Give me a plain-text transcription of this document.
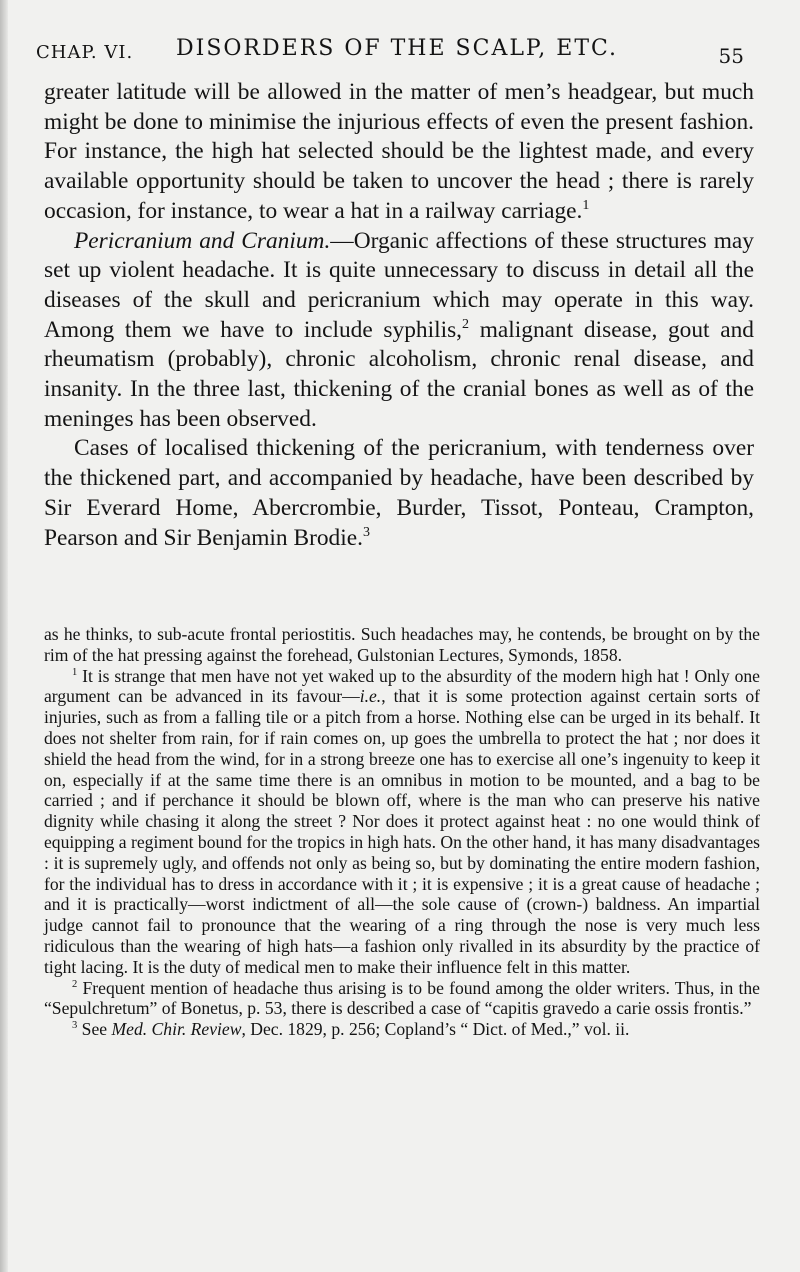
CHAP. VI. DISORDERS OF THE SCALP, ETC.	55

greater latitude will be allowed in the matter of men’s headgear, but much might be done to minimise the injurious effects of even the present fashion. For instance, the high hat selected should be the lightest made, and every available opportunity should be taken to uncover the head ; there is rarely occasion, for instance, to wear a hat in a railway carriage.$^1$

Pericranium and Cranium.—Organic affections of these structures may set up violent headache. It is quite unnecessary to discuss in detail all the diseases of the skull and pericranium which may operate in this way. Among them we have to include syphilis,$^2$ malignant disease, gout and rheumatism (probably), chronic alcoholism, chronic renal disease, and insanity. In the three last, thickening of the cranial bones as well as of the meninges has been observed.

Cases of localised thickening of the pericranium, with tenderness over the thickened part, and accompanied by headache, have been described by Sir Everard Home, Abercrombie, Burder, Tissot, Ponteau, Crampton, Pearson and Sir Benjamin Brodie.$^3$

as he thinks, to sub-acute frontal periostitis. Such headaches may, he contends, be brought on by the rim of the hat pressing against the forehead, Gulstonian Lectures, Symonds, 1858.

$^1$ It is strange that men have not yet waked up to the absurdity of the modern high hat ! Only one argument can be advanced in its favour—i.e., that it is some protection against certain sorts of injuries, such as from a falling tile or a pitch from a horse. Nothing else can be urged in its behalf. It does not shelter from rain, for if rain comes on, up goes the umbrella to protect the hat ; nor does it shield the head from the wind, for in a strong breeze one has to exercise all one’s ingenuity to keep it on, especially if at the same time there is an omnibus in motion to be mounted, and a bag to be carried ; and if perchance it should be blown off, where is the man who can preserve his native dignity while chasing it along the street ? Nor does it protect against heat : no one would think of equipping a regiment bound for the tropics in high hats. On the other hand, it has many disadvantages : it is supremely ugly, and offends not only as being so, but by dominating the entire modern fashion, for the individual has to dress in accordance with it ; it is expensive ; it is a great cause of headache ; and it is practically—worst indictment of all—the sole cause of (crown-) baldness. An impartial judge cannot fail to pronounce that the wearing of a ring through the nose is very much less ridiculous than the wearing of high hats—a fashion only rivalled in its absurdity by the practice of tight lacing. It is the duty of medical men to make their influence felt in this matter.

$^2$ Frequent mention of headache thus arising is to be found among the older writers. Thus, in the “Sepulchretum” of Bonetus, p. 53, there is described a case of “capitis gravedo a carie ossis frontis.”

$^3$ See Med. Chir. Review, Dec. 1829, p. 256; Copland’s “ Dict. of Med.,” vol. ii.
